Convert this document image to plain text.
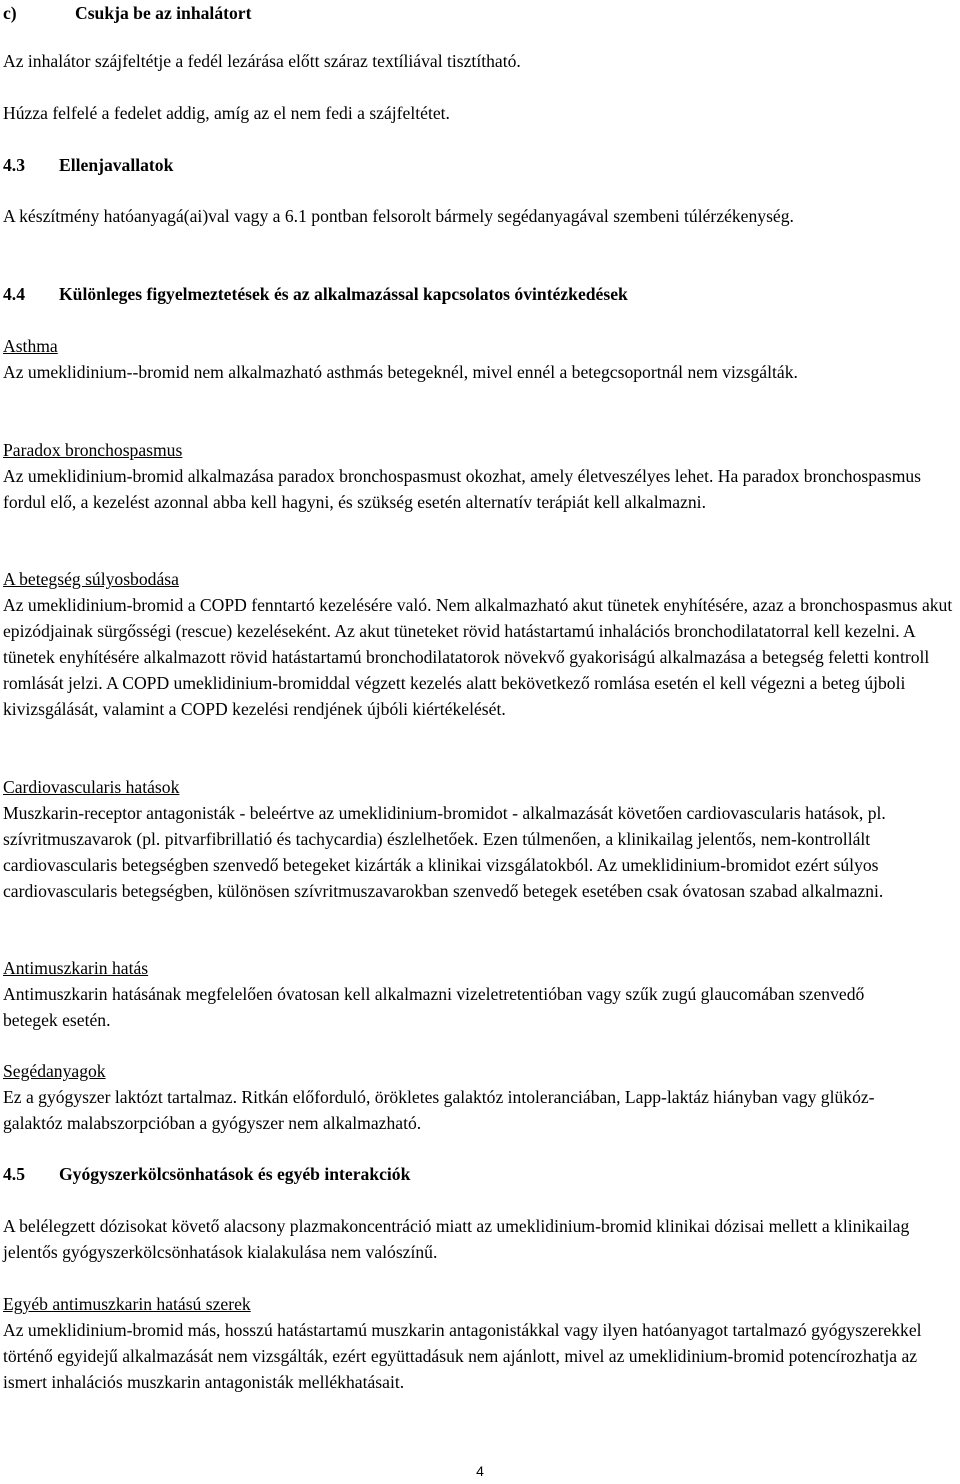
c)	Csukja be az inhalátort

Az inhalátor szájfeltétje a fedél lezárása előtt száraz textíliával tisztítható.

Húzza felfelé a fedelet addig, amíg az el nem fedi a szájfeltétet.

4.3 Ellenjavallatok

A készítmény hatóanyagá(ai)val vagy a 6.1 pontban felsorolt bármely segédanyagával szembeni túlérzékenység.

4.4 Különleges figyelmeztetések és az alkalmazással kapcsolatos óvintézkedések

Asthma

Az umeklidinium--bromid nem alkalmazható asthmás betegeknél, mivel ennél a betegcsoportnál nem vizsgálták.

Paradox bronchospasmus

Az umeklidinium-bromid alkalmazása paradox bronchospasmust okozhat, amely életveszélyes lehet. Ha paradox bronchospasmus fordul elő, a kezelést azonnal abba kell hagyni, és szükség esetén alternatív terápiát kell alkalmazni.

A betegség súlyosbodása

Az umeklidinium-bromid a COPD fenntartó kezelésére való. Nem alkalmazható akut tünetek enyhítésére, azaz a bronchospasmus akut epizódjainak sürgősségi (rescue) kezeléseként. Az akut tüneteket rövid hatástartamú inhalációs bronchodilatatorral kell kezelni. A tünetek enyhítésére alkalmazott rövid hatástartamú bronchodilatatorok növekvő gyakoriságú alkalmazása a betegség feletti kontroll romlását jelzi. A COPD umeklidinium-bromiddal végzett kezelés alatt bekövetkező romlása esetén el kell végezni a beteg újboli kivizsgálását, valamint a COPD kezelési rendjének újbóli kiértékelését.

Cardiovascularis hatások

Muszkarin-receptor antagonisták - beleértve az umeklidinium-bromidot - alkalmazását követően cardiovascularis hatások, pl. szívritmuszavarok (pl. pitvarfibrillatió és tachycardia) észlelhetőek. Ezen túlmenően, a klinikailag jelentős, nem-kontrollált cardiovascularis betegségben szenvedő betegeket kizárták a klinikai vizsgálatokból. Az umeklidinium-bromidot ezért súlyos cardiovascularis betegségben, különösen szívritmuszavarokban szenvedő betegek esetében csak óvatosan szabad alkalmazni.

Antimuszkarin hatás

Antimuszkarin hatásának megfelelően óvatosan kell alkalmazni vizeletretentióban vagy szűk zugú glaucomában szenvedő betegek esetén.

Segédanyagok

Ez a gyógyszer laktózt tartalmaz. Ritkán előforduló, örökletes galaktóz intoleranciában, Lapp-laktáz hiányban vagy glükóz-galaktóz malabszorpcióban a gyógyszer nem alkalmazható.

4.5 Gyógyszerkölcsönhatások és egyéb interakciók

A belélegzett dózisokat követő alacsony plazmakoncentráció miatt az umeklidinium-bromid klinikai dózisai mellett a klinikailag jelentős gyógyszerkölcsönhatások kialakulása nem valószínű.

Egyéb antimuszkarin hatású szerek

Az umeklidinium-bromid más, hosszú hatástartamú muszkarin antagonistákkal vagy ilyen hatóanyagot tartalmazó gyógyszerekkel történő egyidejű alkalmazását nem vizsgálták, ezért együttadásuk nem ajánlott, mivel az umeklidinium-bromid potencírozhatja az ismert inhalációs muszkarin antagonisták mellékhatásait.

4
